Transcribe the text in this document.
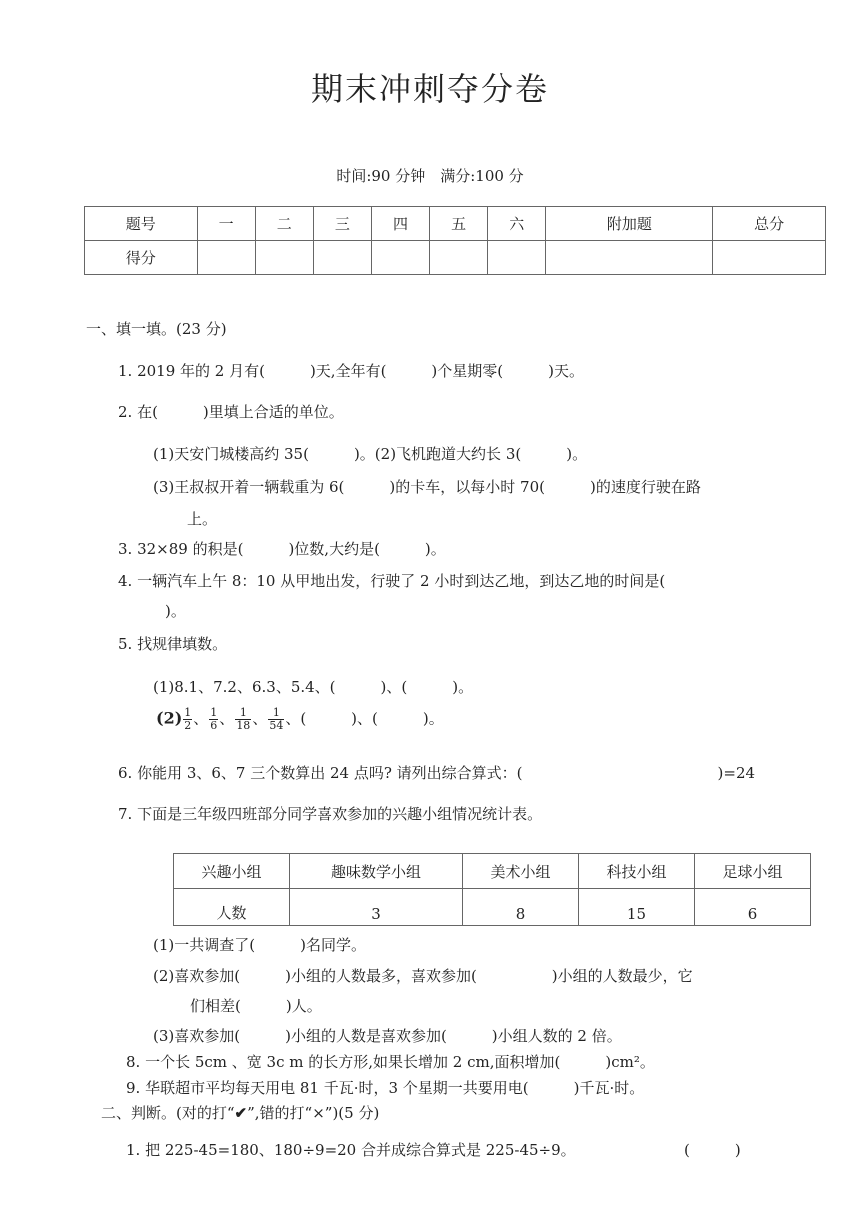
期末冲刺夺分卷
时间:90 分钟　满分:100 分
题号	一	二	三	四	五	六	附加题	总分
得分								
一、填一填。(23 分)
1. 2019 年的 2 月有(　　　)天,全年有(　　　)个星期零(　　　)天。
2. 在(　　　)里填上合适的单位。
(1)天安门城楼高约 35(　　　)。(2)飞机跑道大约长 3(　　　)。
(3)王叔叔开着一辆载重为 6(　　　)的卡车，以每小时 70(　　　)的速度行驶在路
上。
3. 32×89 的积是(　　　)位数,大约是(　　　)。
4. 一辆汽车上午 8：10 从甲地出发，行驶了 2 小时到达乙地，到达乙地的时间是(
)。
5. 找规律填数。
(1)8.1、7.2、6.3、5.4、(　　　)、(　　　)。
$(2) \frac{1}{2}$ 、 $\frac{1}{6}$ 、 $\frac{1}{18}$ 、 $\frac{1}{54}$ 、(　　　)、(　　　)。
6. 你能用 3、6、7 三个数算出 24 点吗? 请列出综合算式：(　　　　　　　　　　　　　)=24
7. 下面是三年级四班部分同学喜欢参加的兴趣小组情况统计表。
兴趣小组	趣味数学小组	美术小组	科技小组	足球小组
人数	3	8	15	6
(1)一共调查了(　　　)名同学。
(2)喜欢参加(　　　)小组的人数最多，喜欢参加(　　　　　)小组的人数最少，它
们相差(　　　)人。
(3)喜欢参加(　　　)小组的人数是喜欢参加(　　　)小组人数的 2 倍。
8. 一个长 5cm 、宽 3c m 的长方形,如果长增加 2 cm,面积增加(　　　)cm²。
9. 华联超市平均每天用电 81 千瓦·时，3 个星期一共要用电(　　　)千瓦·时。
二、判断。(对的打“✔”,错的打“×”)(5 分)
1. 把 225-45=180、180÷9=20 合并成综合算式是 225-45÷9。	(　　　)
